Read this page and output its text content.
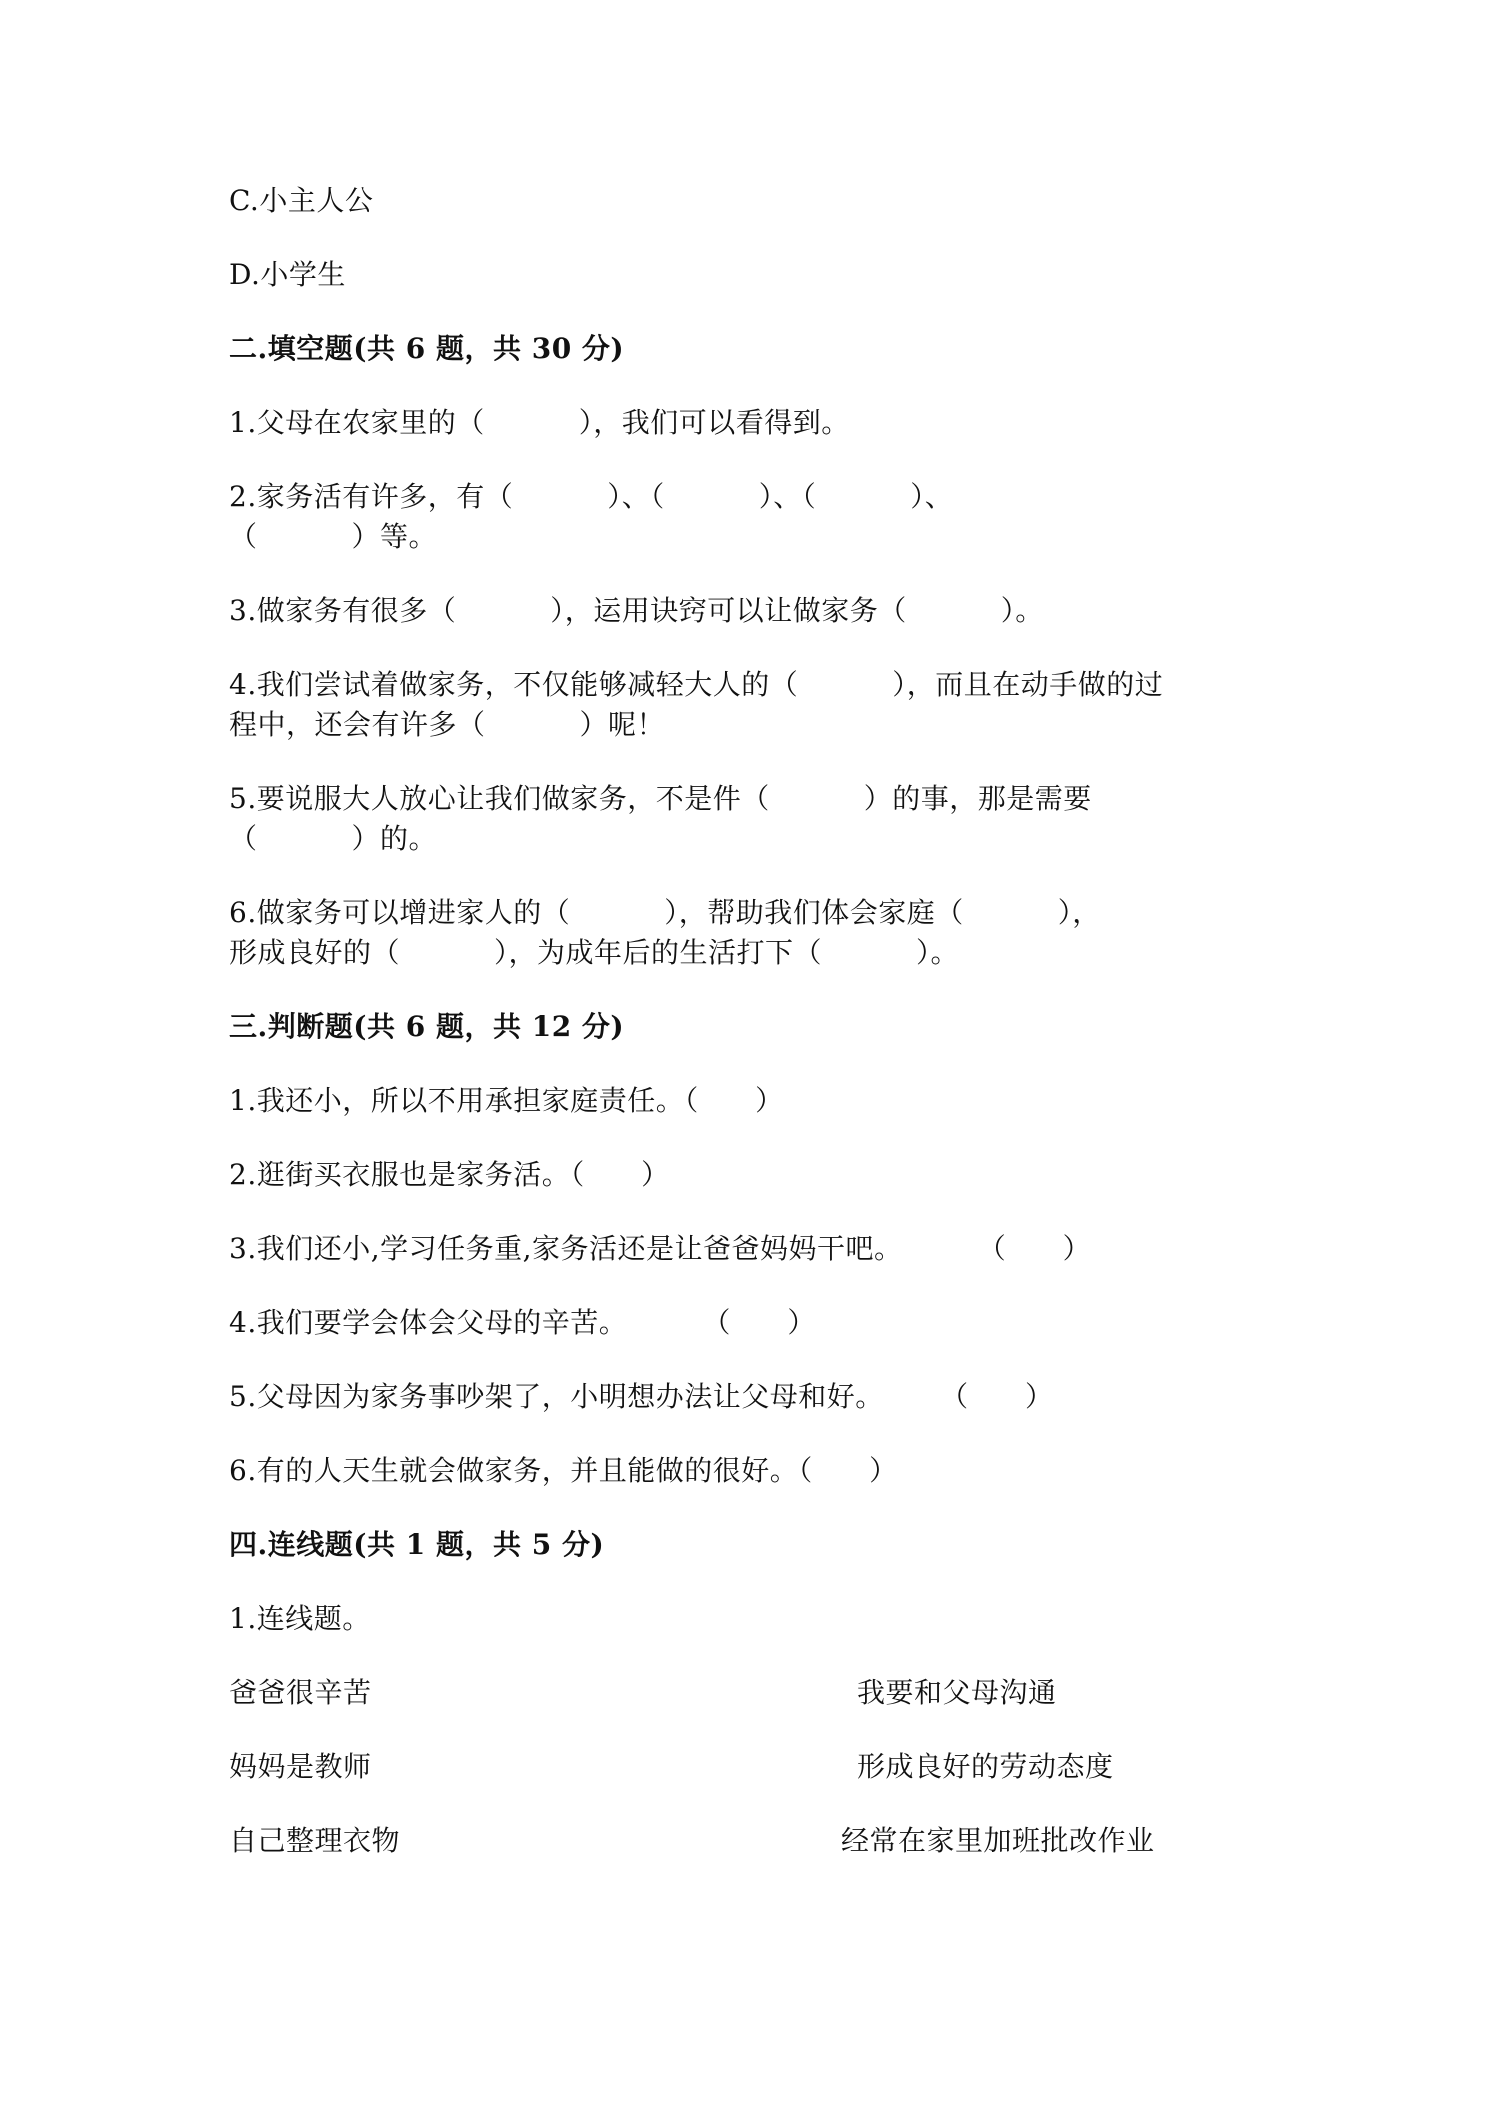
C.小主人公
D.小学生
二.填空题(共 6 题，共 30 分)
1.父母在农家里的（          ），我们可以看得到。
2.家务活有许多，有（          ）、（          ）、（          ）、
（          ）等。
3.做家务有很多（          ），运用诀窍可以让做家务（          ）。
4.我们尝试着做家务，不仅能够减轻大人的（          ），而且在动手做的过
程中，还会有许多（          ）呢！
5.要说服大人放心让我们做家务，不是件（          ）的事，那是需要
（          ）的。
6.做家务可以增进家人的（          ），帮助我们体会家庭（          ），
形成良好的（          ），为成年后的生活打下（          ）。
三.判断题(共 6 题，共 12 分)
1.我还小，所以不用承担家庭责任。（      ）
2.逛街买衣服也是家务活。（      ）
3.我们还小,学习任务重,家务活还是让爸爸妈妈干吧。        （      ）
4.我们要学会体会父母的辛苦。        （      ）
5.父母因为家务事吵架了，小明想办法让父母和好。      （      ）
6.有的人天生就会做家务，并且能做的很好。（      ）
四.连线题(共 1 题，共 5 分)
1.连线题。
爸爸很辛苦
妈妈是教师
自己整理衣物
我要和父母沟通
形成良好的劳动态度
经常在家里加班批改作业
